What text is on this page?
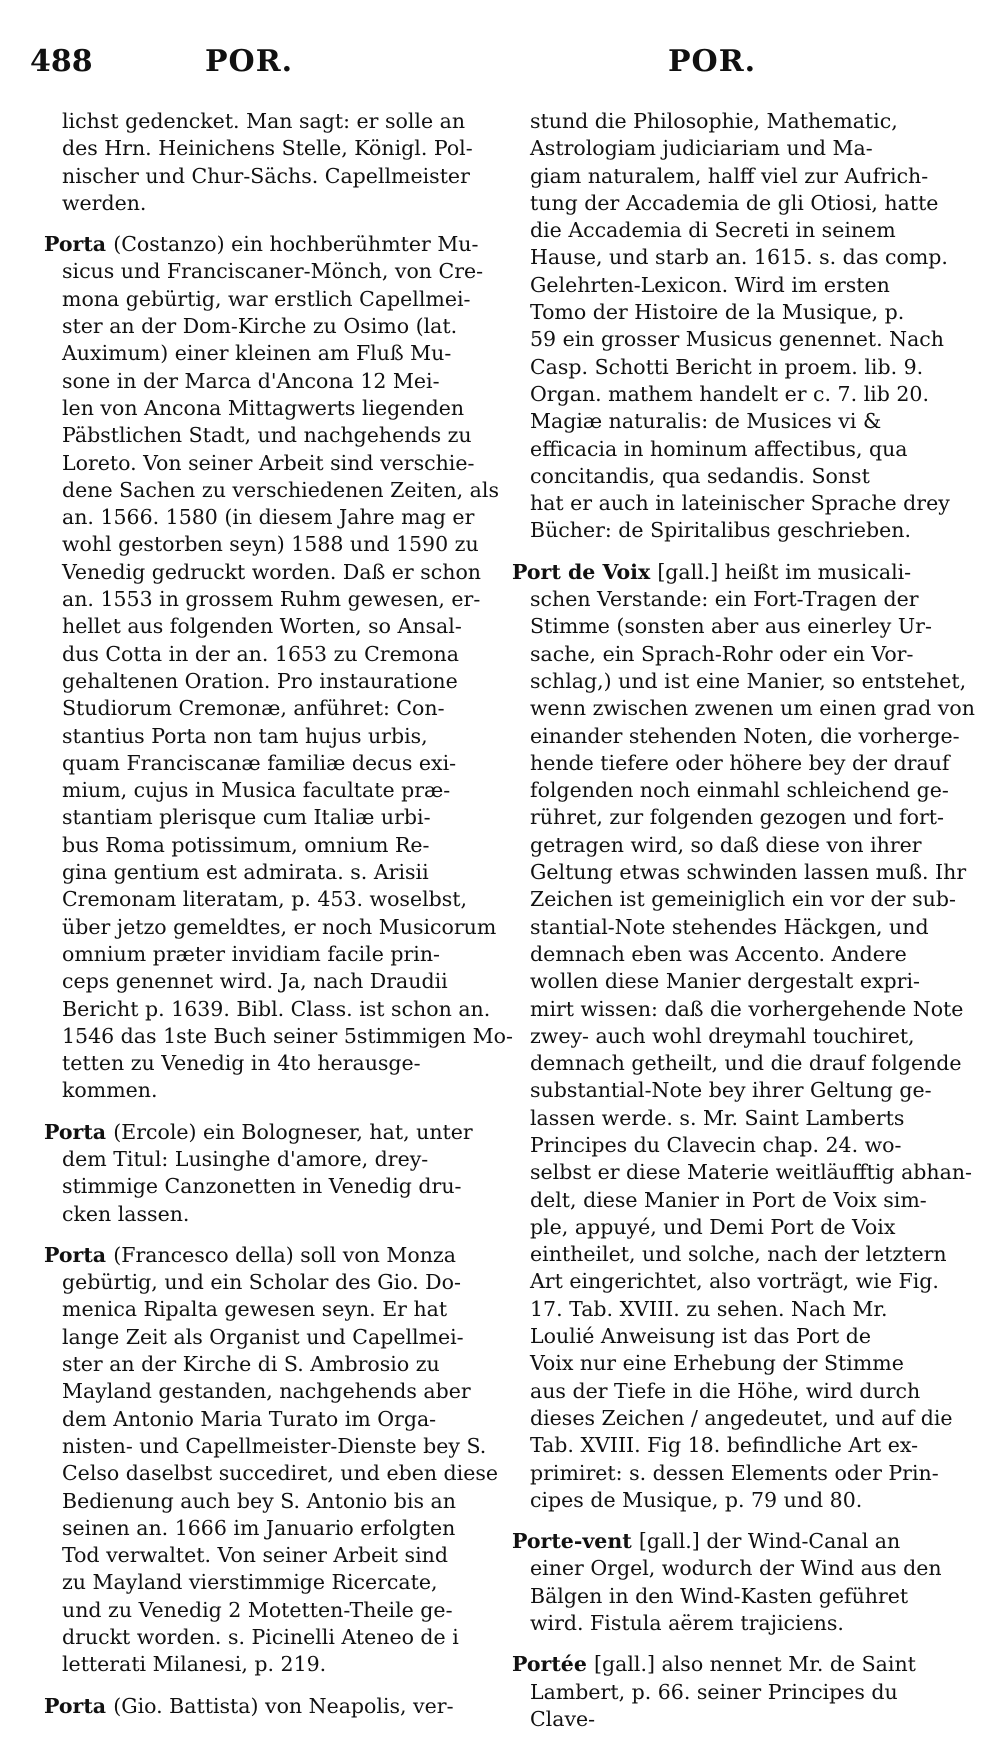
488	POR.	POR.
lichst gedencket. Man sagt: er solle an
des Hrn. Heinichens Stelle, Königl. Pol-
nischer und Chur-Sächs. Capellmeister
werden.
Porta (Costanzo) ein hochberühmter Mu-
sicus und Franciscaner-Mönch, von Cre-
mona gebürtig, war erstlich Capellmei-
ster an der Dom-Kirche zu Osimo (lat.
Auximum) einer kleinen am Fluß Mu-
sone in der Marca d'Ancona 12 Mei-
len von Ancona Mittagwerts liegenden
Päbstlichen Stadt, und nachgehends zu
Loreto. Von seiner Arbeit sind verschie-
dene Sachen zu verschiedenen Zeiten, als
an. 1566. 1580 (in diesem Jahre mag er
wohl gestorben seyn) 1588 und 1590 zu
Venedig gedruckt worden. Daß er schon
an. 1553 in grossem Ruhm gewesen, er-
hellet aus folgenden Worten, so Ansal-
dus Cotta in der an. 1653 zu Cremona
gehaltenen Oration. Pro instauratione
Studiorum Cremonæ, anführet: Con-
stantius Porta non tam hujus urbis,
quam Franciscanæ familiæ decus exi-
mium, cujus in Musica facultate præ-
stantiam plerisque cum Italiæ urbi-
bus Roma potissimum, omnium Re-
gina gentium est admirata. s. Arisii
Cremonam literatam, p. 453. woselbst,
über jetzo gemeldtes, er noch Musicorum
omnium præter invidiam facile prin-
ceps genennet wird. Ja, nach Draudii
Bericht p. 1639. Bibl. Class. ist schon an.
1546 das 1ste Buch seiner 5stimmigen Mo-
tetten zu Venedig in 4to herausge-
kommen.
Porta (Ercole) ein Bologneser, hat, unter
dem Titul: Lusinghe d'amore, drey-
stimmige Canzonetten in Venedig dru-
cken lassen.
Porta (Francesco della) soll von Monza
gebürtig, und ein Scholar des Gio. Do-
menica Ripalta gewesen seyn. Er hat
lange Zeit als Organist und Capellmei-
ster an der Kirche di S. Ambrosio zu
Mayland gestanden, nachgehends aber
dem Antonio Maria Turato im Orga-
nisten- und Capellmeister-Dienste bey S.
Celso daselbst succediret, und eben diese
Bedienung auch bey S. Antonio bis an
seinen an. 1666 im Januario erfolgten
Tod verwaltet. Von seiner Arbeit sind
zu Mayland vierstimmige Ricercate,
und zu Venedig 2 Motetten-Theile ge-
druckt worden. s. Picinelli Ateneo de i
letterati Milanesi, p. 219.
Porta (Gio. Battista) von Neapolis, ver-
stund die Philosophie, Mathematic,
Astrologiam judiciariam und Ma-
giam naturalem, halff viel zur Aufrich-
tung der Accademia de gli Otiosi, hatte
die Accademia di Secreti in seinem
Hause, und starb an. 1615. s. das comp.
Gelehrten-Lexicon. Wird im ersten
Tomo der Histoire de la Musique, p.
59 ein grosser Musicus genennet. Nach
Casp. Schotti Bericht in proem. lib. 9.
Organ. mathem handelt er c. 7. lib 20.
Magiæ naturalis: de Musices vi &
efficacia in hominum affectibus, qua
concitandis, qua sedandis. Sonst
hat er auch in lateinischer Sprache drey
Bücher: de Spiritalibus geschrieben.
Port de Voix [gall.] heißt im musicali-
schen Verstande: ein Fort-Tragen der
Stimme (sonsten aber aus einerley Ur-
sache, ein Sprach-Rohr oder ein Vor-
schlag,) und ist eine Manier, so entstehet,
wenn zwischen zwenen um einen grad von
einander stehenden Noten, die vorherge-
hende tiefere oder höhere bey der drauf
folgenden noch einmahl schleichend ge-
rühret, zur folgenden gezogen und fort-
getragen wird, so daß diese von ihrer
Geltung etwas schwinden lassen muß. Ihr
Zeichen ist gemeiniglich ein vor der sub-
stantial-Note stehendes Häckgen, und
demnach eben was Accento. Andere
wollen diese Manier dergestalt expri-
mirt wissen: daß die vorhergehende Note
zwey- auch wohl dreymahl touchiret,
demnach getheilt, und die drauf folgende
substantial-Note bey ihrer Geltung ge-
lassen werde. s. Mr. Saint Lamberts
Principes du Clavecin chap. 24. wo-
selbst er diese Materie weitläufftig abhan-
delt, diese Manier in Port de Voix sim-
ple, appuyé, und Demi Port de Voix
eintheilet, und solche, nach der letztern
Art eingerichtet, also vorträgt, wie Fig.
17. Tab. XVIII. zu sehen. Nach Mr.
Loulié Anweisung ist das Port de
Voix nur eine Erhebung der Stimme
aus der Tiefe in die Höhe, wird durch
dieses Zeichen / angedeutet, und auf die
Tab. XVIII. Fig 18. befindliche Art ex-
primiret: s. dessen Elements oder Prin-
cipes de Musique, p. 79 und 80.
Porte-vent [gall.] der Wind-Canal an
einer Orgel, wodurch der Wind aus den
Bälgen in den Wind-Kasten geführet
wird. Fistula aërem trajiciens.
Portée [gall.] also nennet Mr. de Saint
Lambert, p. 66. seiner Principes du
Clave-
